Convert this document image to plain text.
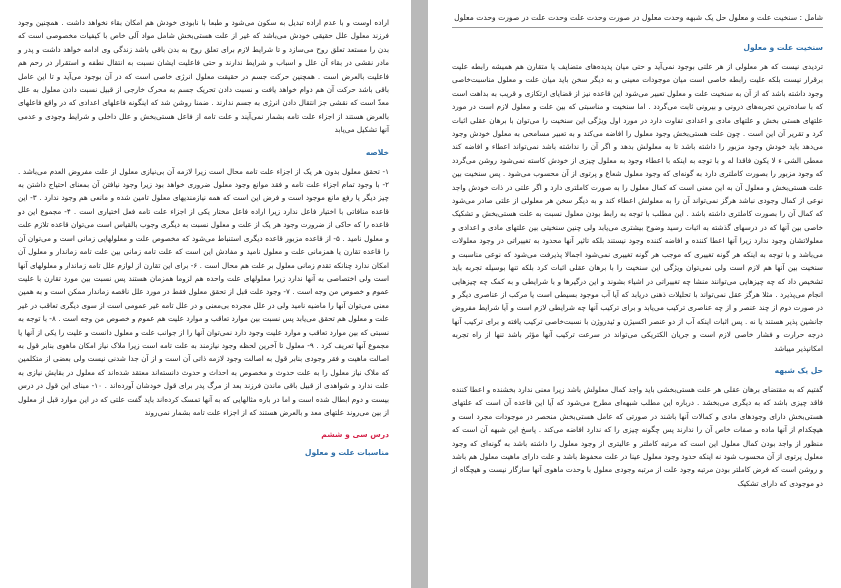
شامل : سنخیت علت و معلول حل یک شبهه وحدت معلول در صورت وحدت علت وحدت علت در صورت وحدت معلول
سنخیت علت و معلول

تردیدی نیست که هر معلولی از هر علتی بوجود نمی‌آید و حتی میان پدیده‌های متضایف یا متقارن هم همیشه رابطه علیت برقرار نیست بلکه علیت رابطه خاصی است میان موجودات معینی و به دیگر سخن باید میان علت و معلول مناسبت‌خاصی وجود داشته باشد که از آن به سنخیت علت و معلول تعبیر می‌شود این قاعده نیز از قضایای ارتکازی و قریب به بداهت است که با ساده‌ترین تجربه‌های درونی و بیرونی ثابت می‌گردد . اما سنخیت و مناسبتی که بین علت و معلول لازم است در مورد علتهای هستی بخش و علتهای مادی و اعدادی تفاوت دارد در مورد اول ویژگی این سنخیت را می‌توان با برهان عقلی اثبات کرد و تقریر آن این است . چون علت هستی‌بخش وجود معلول را افاضه می‌کند و به تعبیر مسامحی به معلول خودش وجود می‌دهد باید خودش وجود مزبور را داشته باشد تا به معلولش بدهد و اگر آن را نداشته باشد نمی‌تواند اعطاء و افاضه کند معطی الشی ء لا یکون فاقدا له و با توجه به اینکه با اعطاء وجود به معلول چیزی از خودش کاسته نمی‌شود روشن می‌گردد که وجود مزبور را بصورت کاملتری دارد به گونه‌ای که وجود معلول شعاع و پرتوی از آن محسوب می‌شود . پس سنخیت بین علت هستی‌بخش و معلول آن به این معنی است که کمال معلول را به صورت کاملتری دارد و اگر علتی در ذات خودش واجد نوعی از کمال وجودی نباشد هرگز نمی‌تواند آن را به معلولش اعطاء کند و به دیگر سخن هر معلولی از علتی صادر می‌شود که کمال آن را بصورت کاملتری داشته باشد . این مطلب با توجه به رابط بودن معلول نسبت به علت هستی‌بخش و تشکیک خاصی بین آنها که در درسهای گذشته به اثبات رسید وضوح بیشتری می‌یابد ولی چنین سنخیتی بین علتهای مادی و اعدادی و معلولاتشان وجود ندارد زیرا آنها اعطا کننده و افاضه کننده وجود نیستند بلکه تاثیر آنها محدود به تغییراتی در وجود معلولات می‌باشد و با توجه به اینکه هر گونه تغییری که موجب هر گونه تغییری نمی‌شود اجمالا پذیرفت می‌شود که نوعی مناسبت و سنخیت بین آنها هم لازم است ولی نمی‌توان ویژگی این سنخیت را با برهان عقلی اثبات کرد بلکه تنها بوسیله تجربه باید تشخیص داد که چه چیزهایی می‌توانند منشا چه تغییراتی در اشیاء بشوند و این درگیرها و با شرایطی و به کمک چه چیزهایی انجام می‌پذیرد . مثلا هرگز عقل نمی‌تواند با تحلیلات ذهنی دریابد که آیا آب موجود بسیطی است یا مرکب از عناصری دیگر و در صورت دوم از چند عنصر و از چه عناصری ترکیب می‌یابد و برای ترکیب آنها چه شرایطی لازم است و آیا شرایط مفروض جانشین پذیر هستند یا نه . پس اثبات اینکه آب از دو عنصر اکسیژن و ئیدروژن با نسبت‌خاصی ترکیب یافته و برای ترکیب آنها درجه حرارت و فشار خاصی لازم است و جریان الکتریکی می‌تواند در سرعت ترکیب آنها مؤثر باشد تنها از راه تجربه امکانپذیر میباشد

حل یک شبهه

گفتیم که به مقتضای برهان عقلی هر علت هستی‌بخشی باید واجد کمال معلولش باشد زیرا معنی ندارد بخشنده و اعطا کننده فاقد چیزی باشد که به دیگری می‌بخشد . درباره این مطلب شبهه‌ای مطرح می‌شود که آیا این قاعده آن است که علتهای هستی‌بخش دارای وجودهای مادی و کمالات آنها باشند در صورتی که عامل هستی‌بخش منحصر در موجودات مجرد است و هیچکدام از آنها ماده و صفات خاص آن را ندارند پس چگونه چیزی را که ندارد افاضه می‌کند . پاسخ این شبهه آن است که منظور از واجد بودن کمال معلول این است که مرتبه کاملتر و عالیتری از وجود معلول را داشته باشد به گونه‌ای که وجود معلول پرتوی از آن محسوب شود نه اینکه حدود وجود معلول عینا در علت محفوظ باشد و علت دارای ماهیت معلول هم باشد و روشن است که فرض کاملتر بودن مرتبه وجود علت از مرتبه وجودی معلول با وحدت ماهوی آنها سازگار نیست و هیچگاه از دو موجودی که دارای تشکیک

اراده اوست و با عدم اراده تبدیل به سکون می‌شود و طبعا با نابودی خودش هم امکان بقاء نخواهد داشت . همچنین وجود فرزند معلول علل حقیقی خودش می‌باشد که غیر از علت هستی‌بخش شامل مواد آلی خاص با کیفیات مخصوصی است که بدن را مستعد تعلق روح می‌سازد و تا شرایط لازم برای تعلق روح به بدن باقی باشد زندگی وی ادامه خواهد داشت و پدر و مادر نقشی در بقاء آن علل و اسباب و شرایط ندارند و حتی فاعلیت ایشان نسبت به انتقال نطفه و استقرار در رحم هم فاعلیت بالعرض است . همچنین حرکت جسم در حقیقت معلول انرژی خاصی است که در آن بوجود می‌آید و تا این عامل باقی باشد حرکت آن هم دوام خواهد یافت و نسبت دادن تحریک جسم به محرک خارجی از قبیل نسبت دادن معلول به علل معدّ است که نقشی جز انتقال دادن انرژی به جسم ندارند . ضمنا روشن شد که اینگونه فاعلهای اعدادی که در واقع فاعلهای بالعرض هستند از اجزاء علت تامه بشمار نمی‌آیند و علت تامه از فاعل هستی‌بخش و علل داخلی و شرایط وجودی و عدمی آنها تشکیل می‌یابد

خلاصه

۱- تحقق معلول بدون هر یک از اجزاء علت تامه محال است زیرا لازمه آن بی‌نیازی معلول از علت مفروض العدم می‌باشد . ۲- با وجود تمام اجزاء علت تامه و فقد موانع وجود معلول ضروری خواهد بود زیرا وجود نیافتن آن بمعنای احتیاج داشتن به چیز دیگر یا رفع مانع موجود است و فرض این است که همه نیازمندیهای معلول تامین شده و مانعی هم وجود ندارد . ۳- این قاعده منافاتی با اختیار فاعل ندارد زیرا اراده فاعل مختار یکی از اجزاء علت تامه فعل اختیاری است . ۴- مجموع این دو قاعده را که حاکی از ضرورت وجود هر یک از علت و معلول نسبت به دیگری وجوب بالقیاس است می‌توان قاعده تلازم علت و معلول نامید . ۵- از قاعده مزبور قاعده دیگری استنباط می‌شود که مخصوص علت و معلولهایی زمانی است و می‌توان آن را قاعده تقارن یا همزمانی علت و معلول نامید و مفادش این است که علت تامه زمانی بین علت تامه زماندار و معلول آن امکان ندارد چنانکه تقدم زمانی معلول بر علت هم محال است . ۶- برای این تقارن از لوازم علل تامه زماندار و معلولهای آنها است ولی اختصاصی به آنها ندارد زیرا معلولهای علت واحده هم لزوما همزمان هستند پس نسبت بین مورد تقارن با علیت عموم و خصوص من وجه است . ۷- وجود علت قبل از تحقق معلول فقط در مورد علل ناقصه زماندار ممکن است و به همین معنی می‌توان آنها را ماضیه نامید ولی در علل مجرده بی‌معنی و در علل تامه غیر عمومی است از سوی دیگری تعاقب در غیر علت و معلول هم تحقق می‌یابد پس نسبت بین موارد تعاقب و موارد علیت هم عموم و خصوص من وجه است . ۸- با توجه به نسبتی که بین موارد تعاقب و موارد علیت وجود دارد نمی‌توان آنها را از جوانب علت و معلول دانست و علیت را یکی از آنها یا مجموع آنها تعریف کرد . ۹- معلول تا آخرین لحظه وجود نیازمند به علت تامه است زیرا ملاک نیاز امکان ماهوی بنابر قول به اصالت ماهیت و فقر وجودی بنابر قول به اصالت وجود لازمه ذاتی آن است و از آن جدا شدنی نیست ولی بعضی از متکلمین که ملاک نیاز معلول را به علت حدوث و مخصوص به احداث و حدوث دانسته‌اند معتقد شده‌اند که معلول در بقایش نیازی به علت ندارد و شواهدی از قبیل باقی ماندن فرزند بعد از مرگ پدر برای قول خودشان آورده‌اند . ۱۰- مبنای این قول در درس بیست و دوم ابطال شده است و اما در باره مثالهایی که به آنها تمسک کرده‌اند باید گفت علتی که در این موارد قبل از معلول از بین می‌روند علتهای معد و بالعرض هستند که از اجزاء علت تامه بشمار نمی‌روند

درس سی و ششم
مناسبات علت و معلول
